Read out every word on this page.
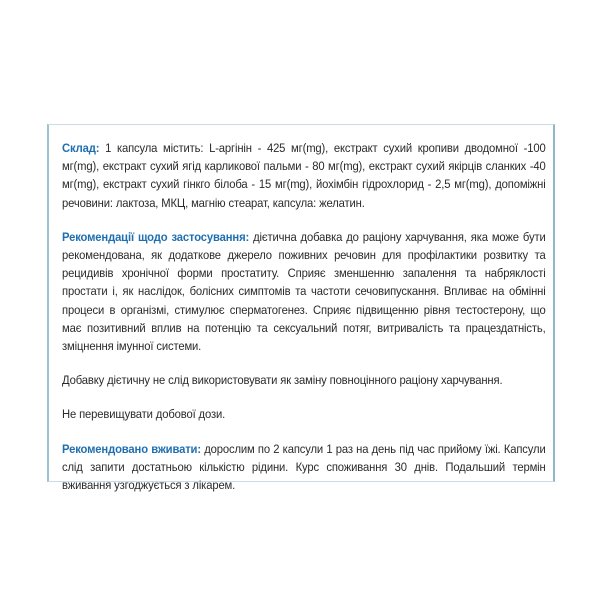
Склад: 1 капсула містить: L-аргінін - 425 мг(mg), екстракт сухий кропиви дводомної -100 мг(mg), екстракт сухий ягід карликової пальми - 80 мг(mg), екстракт сухий якірців сланких -40 мг(mg), екстракт сухий гінкго білоба - 15 мг(mg), йохімбін гідрохлорид - 2,5 мг(mg), допоміжні речовини: лактоза, МКЦ, магнію стеарат, капсула: желатин.

Рекомендації щодо застосування: дієтична добавка до раціону харчування, яка може бути рекомендована, як додаткове джерело поживних речовин для профілактики розвитку та рецидивів хронічної форми простатиту. Сприяє зменшенню запалення та набряклості простати і, як наслідок, болісних симптомів та частоти сечовипускання. Впливає на обмінні процеси в організмі, стимулює сперматогенез. Сприяє підвищенню рівня тестостерону, що має позитивний вплив на потенцію та сексуальний потяг, витривалість та працездатність, зміцнення імунної системи.

Добавку дієтичну не слід використовувати як заміну повноцінного раціону харчування.

Не перевищувати добової дози.

Рекомендовано вживати: дорослим по 2 капсули 1 раз на день під час прийому їжі. Капсули слід запити достатньою кількістю рідини. Курс споживання 30 днів. Подальший термін вживання узгоджується з лікарем.
